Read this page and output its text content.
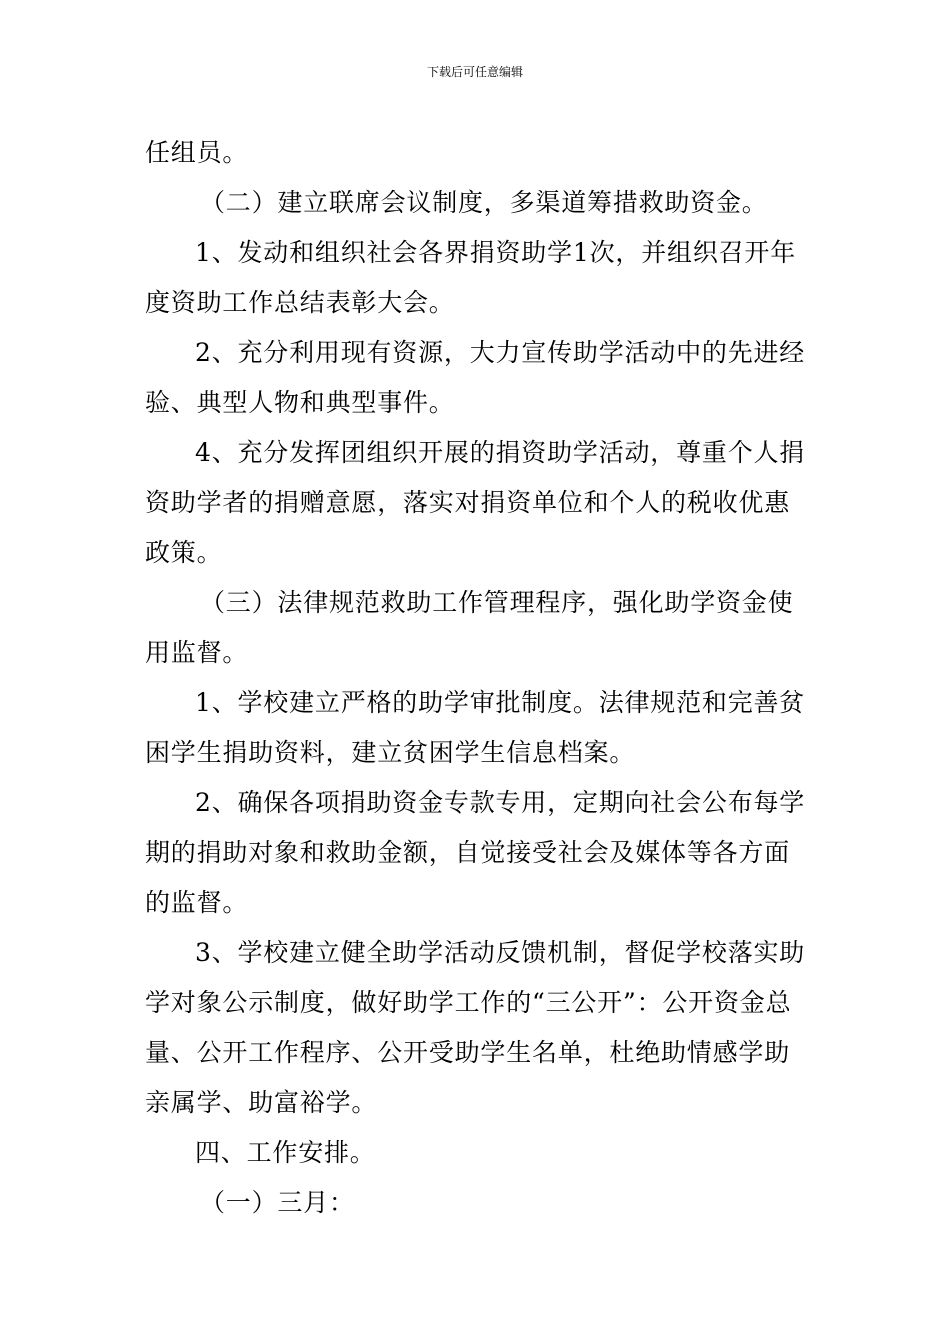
下载后可任意编辑

任组员。

（二）建立联席会议制度，多渠道筹措救助资金。

1、发动和组织社会各界捐资助学1次，并组织召开年度资助工作总结表彰大会。

2、充分利用现有资源，大力宣传助学活动中的先进经验、典型人物和典型事件。

4、充分发挥团组织开展的捐资助学活动，尊重个人捐资助学者的捐赠意愿，落实对捐资单位和个人的税收优惠政策。

（三）法律规范救助工作管理程序，强化助学资金使用监督。

1、学校建立严格的助学审批制度。法律规范和完善贫困学生捐助资料，建立贫困学生信息档案。

2、确保各项捐助资金专款专用，定期向社会公布每学期的捐助对象和救助金额，自觉接受社会及媒体等各方面的监督。

3、学校建立健全助学活动反馈机制，督促学校落实助学对象公示制度，做好助学工作的“三公开”：公开资金总量、公开工作程序、公开受助学生名单，杜绝助情感学助亲属学、助富裕学。

四、工作安排。

（一）三月：
